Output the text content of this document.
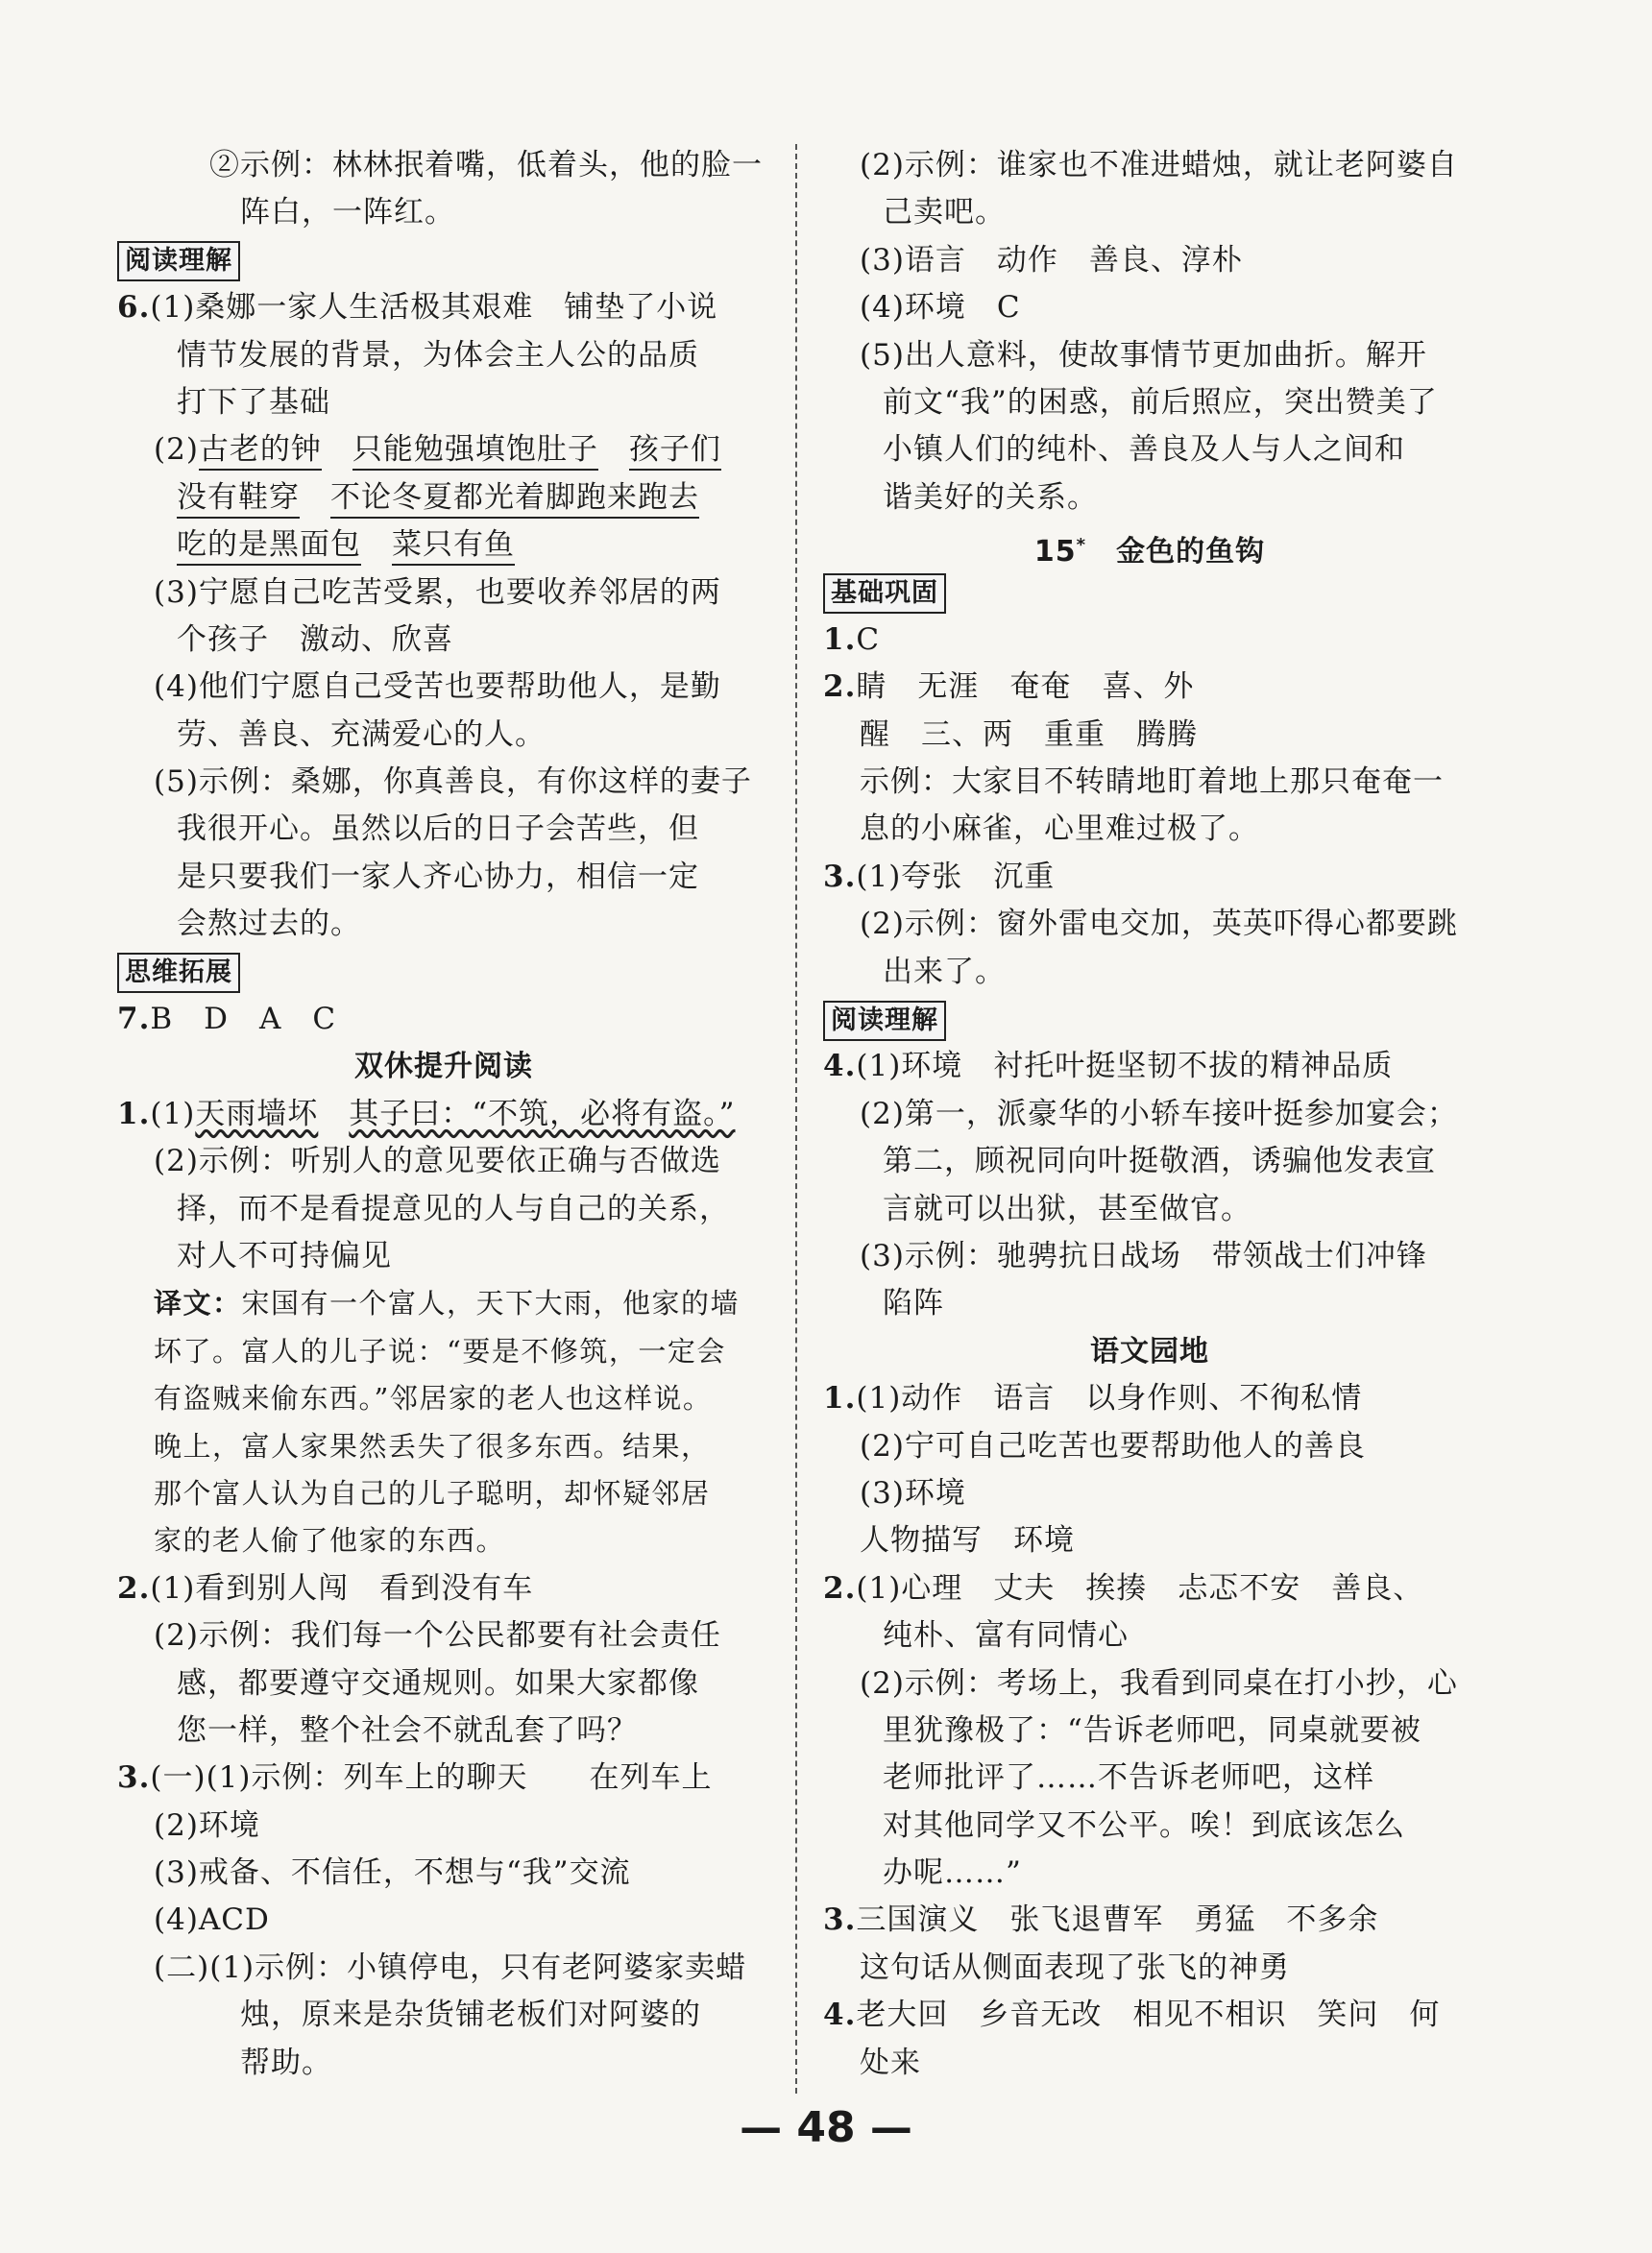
②示例：林林抿着嘴，低着头，他的脸一
阵白，一阵红。
阅读理解
6.(1)桑娜一家人生活极其艰难　铺垫了小说
情节发展的背景，为体会主人公的品质
打下了基础
(2)古老的钟　 只能勉强填饱肚子　 孩子们
没有鞋穿　 不论冬夏都光着脚跑来跑去
吃的是黑面包　 菜只有鱼
(3)宁愿自己吃苦受累，也要收养邻居的两
个孩子　激动、欣喜
(4)他们宁愿自己受苦也要帮助他人，是勤
劳、善良、充满爱心的人。
(5)示例：桑娜，你真善良，有你这样的妻子
我很开心。虽然以后的日子会苦些，但
是只要我们一家人齐心协力，相信一定
会熬过去的。
思维拓展
7.B　D　A　C
双休提升阅读
1.(1)天雨墙坏　 其子曰：“不筑，必将有盗。”
(2)示例：听别人的意见要依正确与否做选
择，而不是看提意见的人与自己的关系，
对人不可持偏见
译文：宋国有一个富人，天下大雨，他家的墙
坏了。富人的儿子说：“要是不修筑，一定会
有盗贼来偷东西。”邻居家的老人也这样说。
晚上，富人家果然丢失了很多东西。结果，
那个富人认为自己的儿子聪明，却怀疑邻居
家的老人偷了他家的东西。
2.(1)看到别人闯　看到没有车
(2)示例：我们每一个公民都要有社会责任
感，都要遵守交通规则。如果大家都像
您一样，整个社会不就乱套了吗？
3.(一)(1)示例：列车上的聊天　　在列车上
(2)环境
(3)戒备、不信任，不想与“我”交流
(4)ACD
(二)(1)示例：小镇停电，只有老阿婆家卖蜡
烛，原来是杂货铺老板们对阿婆的
帮助。
(2)示例：谁家也不准进蜡烛，就让老阿婆自
己卖吧。
(3)语言　动作　善良、淳朴
(4)环境　C
(5)出人意料，使故事情节更加曲折。解开
前文“我”的困惑，前后照应，突出赞美了
小镇人们的纯朴、善良及人与人之间和
谐美好的关系。
15*　 金色的鱼钩
基础巩固
1.C
2.睛　无涯　奄奄　喜、外
醒　三、两　重重　腾腾
示例：大家目不转睛地盯着地上那只奄奄一
息的小麻雀，心里难过极了。
3.(1)夸张　沉重
(2)示例：窗外雷电交加，英英吓得心都要跳
出来了。
阅读理解
4.(1)环境　衬托叶挺坚韧不拔的精神品质
(2)第一，派豪华的小轿车接叶挺参加宴会；
第二，顾祝同向叶挺敬酒，诱骗他发表宣
言就可以出狱，甚至做官。
(3)示例：驰骋抗日战场　带领战士们冲锋
陷阵
语文园地
1.(1)动作　语言　以身作则、不徇私情
(2)宁可自己吃苦也要帮助他人的善良
(3)环境
人物描写　环境
2.(1)心理　丈夫　挨揍　忐忑不安　善良、
纯朴、富有同情心
(2)示例：考场上，我看到同桌在打小抄，心
里犹豫极了：“告诉老师吧，同桌就要被
老师批评了……不告诉老师吧，这样
对其他同学又不公平。唉！到底该怎么
办呢……”
3.三国演义　张飞退曹军　勇猛　不多余
这句话从侧面表现了张飞的神勇
4.老大回　乡音无改　相见不相识　笑问　何
处来
— 48 —
